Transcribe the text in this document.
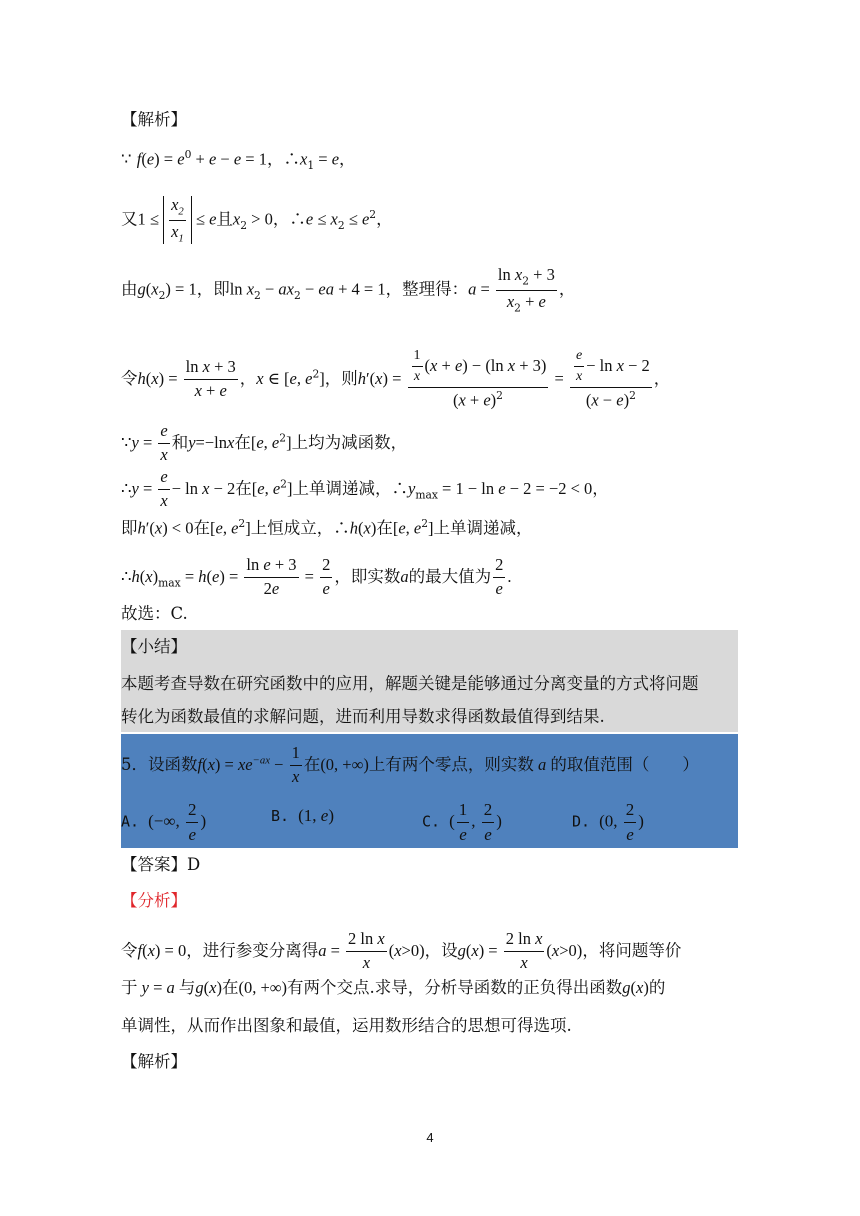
【解析】
∵ $f(e) = e^0 + e - e = 1$，$\therefore x_1 = e$，
又$1 \le \frac{x_2}{x_1} \le e$且$x_2 > 0$，∴e ≤ $x_2 \le e^2$，
由$g(x_2) = 1$，即$\ln x_2 - ax_2$ − ea + 4 = 1，整理得：$a = \frac{\ln x_2 + 3}{x_2 + e}$ ，
令$h(x) = \frac{\text{ln x + 3}}{x + e}$ ，x ∈ [e, $e^2$]，则$h'(x) = \frac{\frac{1}{x} (x + e) - (\ln x + 3)}{(x + e)^2} = \frac{\frac{e}{x} - \ln x - 2}{(x - e)^2}$ ，
∵y = $\frac{e}{x}$ 和y=−lnx在[e, $e^2$]上均为减函数，
∴y = $\frac{e}{x} - \ln x - 2$在[e, $e^2$]上单调递减，$\therefore y_{max} = 1 - \ln e - 2 = -2 < 0$，
即h′(x) < 0在[e, $e^2$]上恒成立，∴h(x)在[e, $e^2$]上单调递减，
$\therefore h(x)_{max} = h(e) = \frac{\text{ln e + 3}}{2e} = \frac{2}{e}$ ，即实数a的最大值为 $\frac{2}{e}$ .
故选：C.
【小结】
本题考查导数在研究函数中的应用，解题关键是能够通过分离变量的方式将问题
转化为函数最值的求解问题，进而利用导数求得函数最值得到结果.
5．设函数$f(x) = xe^{-ax} - \frac{1}{x}$ 在(0, +∞)上有两个零点，则实数 a 的取值范围（　　）
A. (−∞, $\frac{2}{e}$ )	B. (1, e)	C. ( $\frac{1}{e}$ , $\frac{2}{e}$ )	D. (0, $\frac{2}{e}$ )
【答案】D
【分析】
令f(x) = 0，进行参变分离得$a = \frac{\text{2 ln x}}{x} (x>0)$，设$g(x) = \frac{\text{2 ln x}}{x} (x>0)$，将问题等价
于 y = a 与g(x)在(0, +∞)有两个交点.求导，分析导函数的正负得出函数g(x)的
单调性，从而作出图象和最值，运用数形结合的思想可得选项.
【解析】
4
